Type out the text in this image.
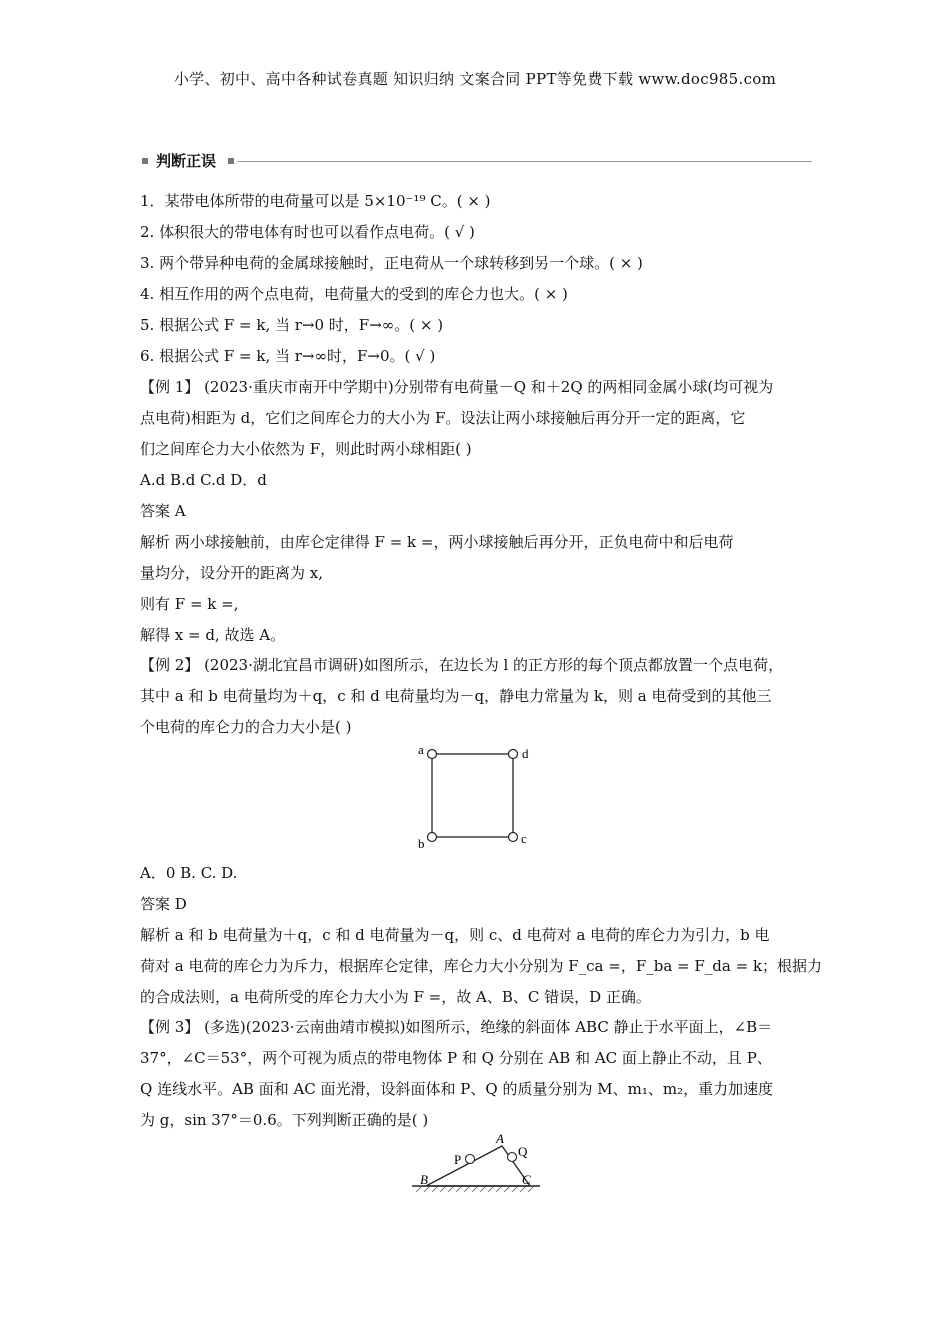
小学、初中、高中各种试卷真题 知识归纳 文案合同 PPT等免费下载 www.doc985.com
判断正误
1．某带电体所带的电荷量可以是 5×10⁻¹⁹ C。( × )
2. 体积很大的带电体有时也可以看作点电荷。( √ )
3. 两个带异种电荷的金属球接触时，正电荷从一个球转移到另一个球。( × )
4. 相互作用的两个点电荷，电荷量大的受到的库仑力也大。( × )
5. 根据公式 F = k, 当 r→0 时，F→∞。( × )
6. 根据公式 F = k, 当 r→∞时，F→0。( √ )
【例 1】 (2023·重庆市南开中学期中)分别带有电荷量－Q 和＋2Q 的两相同金属小球(均可视为
点电荷)相距为 d，它们之间库仑力的大小为 F。设法让两小球接触后再分开一定的距离，它
们之间库仑力大小依然为 F，则此时两小球相距( )
A.d B.d C.d D．d
答案 A
解析 两小球接触前，由库仑定律得 F = k =，两小球接触后再分开，正负电荷中和后电荷
量均分，设分开的距离为 x,
则有 F = k =,
解得 x = d, 故选 A。
【例 2】 (2023·湖北宜昌市调研)如图所示，在边长为 l 的正方形的每个顶点都放置一个点电荷，
其中 a 和 b 电荷量均为＋q，c 和 d 电荷量均为－q，静电力常量为 k，则 a 电荷受到的其他三
个电荷的库仑力的合力大小是( )
a	d
b	c
A．0 B. C. D.
答案 D
解析 a 和 b 电荷量为＋q，c 和 d 电荷量为－q，则 c、d 电荷对 a 电荷的库仑力为引力，b 电
荷对 a 电荷的库仑力为斥力，根据库仑定律，库仑力大小分别为 F_ca =，F_ba = F_da = k；根据力
的合成法则，a 电荷所受的库仑力大小为 F =，故 A、B、C 错误，D 正确。
【例 3】 (多选)(2023·云南曲靖市模拟)如图所示，绝缘的斜面体 ABC 静止于水平面上，∠B＝
37°，∠C＝53°，两个可视为质点的带电物体 P 和 Q 分别在 AB 和 AC 面上静止不动，且 P、
Q 连线水平。AB 面和 AC 面光滑，设斜面体和 P、Q 的质量分别为 M、m₁、m₂，重力加速度
为 g，sin 37°＝0.6。下列判断正确的是( )
P
Q
A
B	C
